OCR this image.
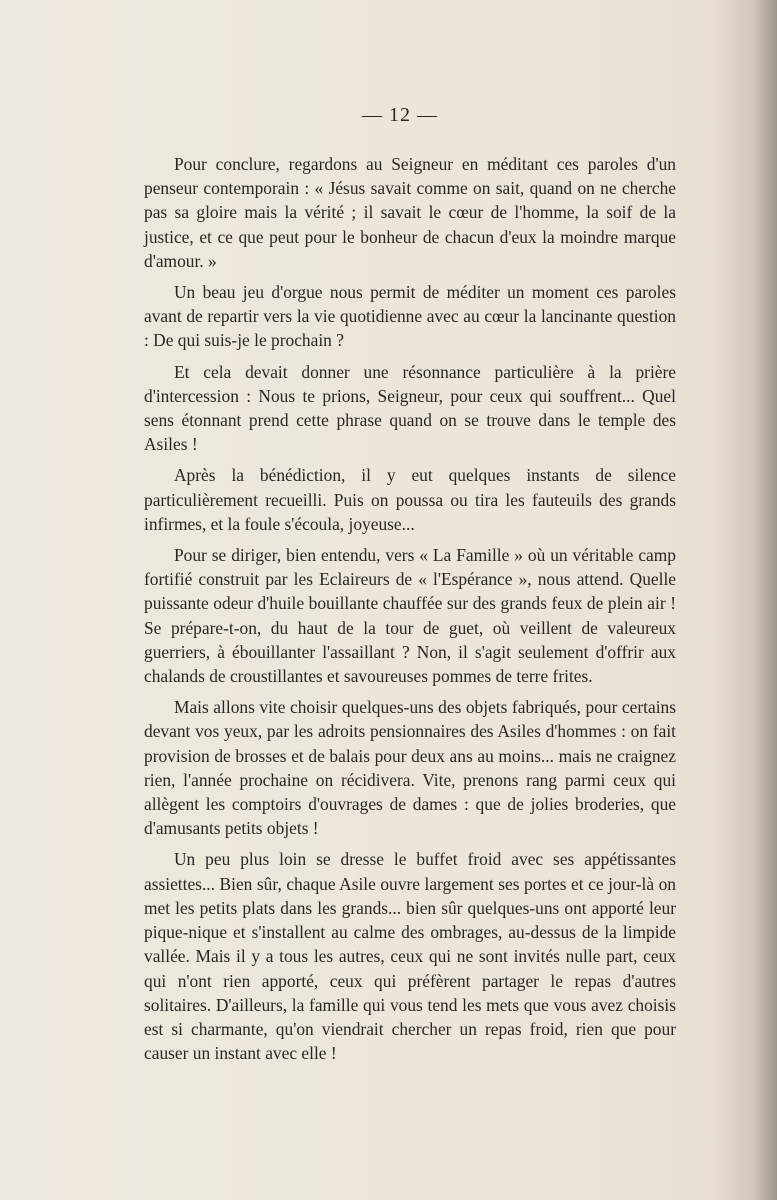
— 12 —

Pour conclure, regardons au Seigneur en méditant ces paroles d'un penseur contemporain : « Jésus savait comme on sait, quand on ne cherche pas sa gloire mais la vérité ; il savait le cœur de l'homme, la soif de la justice, et ce que peut pour le bonheur de chacun d'eux la moindre marque d'amour. »

Un beau jeu d'orgue nous permit de méditer un moment ces paroles avant de repartir vers la vie quotidienne avec au cœur la lancinante question : De qui suis-je le prochain ?

Et cela devait donner une résonnance particulière à la prière d'intercession : Nous te prions, Seigneur, pour ceux qui souffrent... Quel sens étonnant prend cette phrase quand on se trouve dans le temple des Asiles !

Après la bénédiction, il y eut quelques instants de silence particulièrement recueilli. Puis on poussa ou tira les fauteuils des grands infirmes, et la foule s'écoula, joyeuse...

Pour se diriger, bien entendu, vers « La Famille » où un véritable camp fortifié construit par les Eclaireurs de « l'Espérance », nous attend. Quelle puissante odeur d'huile bouillante chauffée sur des grands feux de plein air ! Se prépare-t-on, du haut de la tour de guet, où veillent de valeureux guerriers, à ébouillanter l'assaillant ? Non, il s'agit seulement d'offrir aux chalands de croustillantes et savoureuses pommes de terre frites.

Mais allons vite choisir quelques-uns des objets fabriqués, pour certains devant vos yeux, par les adroits pensionnaires des Asiles d'hommes : on fait provision de brosses et de balais pour deux ans au moins... mais ne craignez rien, l'année prochaine on récidivera. Vite, prenons rang parmi ceux qui allègent les comptoirs d'ouvrages de dames : que de jolies broderies, que d'amusants petits objets !

Un peu plus loin se dresse le buffet froid avec ses appétissantes assiettes... Bien sûr, chaque Asile ouvre largement ses portes et ce jour-là on met les petits plats dans les grands... bien sûr quelques-uns ont apporté leur pique-nique et s'installent au calme des ombrages, au-dessus de la limpide vallée. Mais il y a tous les autres, ceux qui ne sont invités nulle part, ceux qui n'ont rien apporté, ceux qui préfèrent partager le repas d'autres solitaires. D'ailleurs, la famille qui vous tend les mets que vous avez choisis est si charmante, qu'on viendrait chercher un repas froid, rien que pour causer un instant avec elle !
